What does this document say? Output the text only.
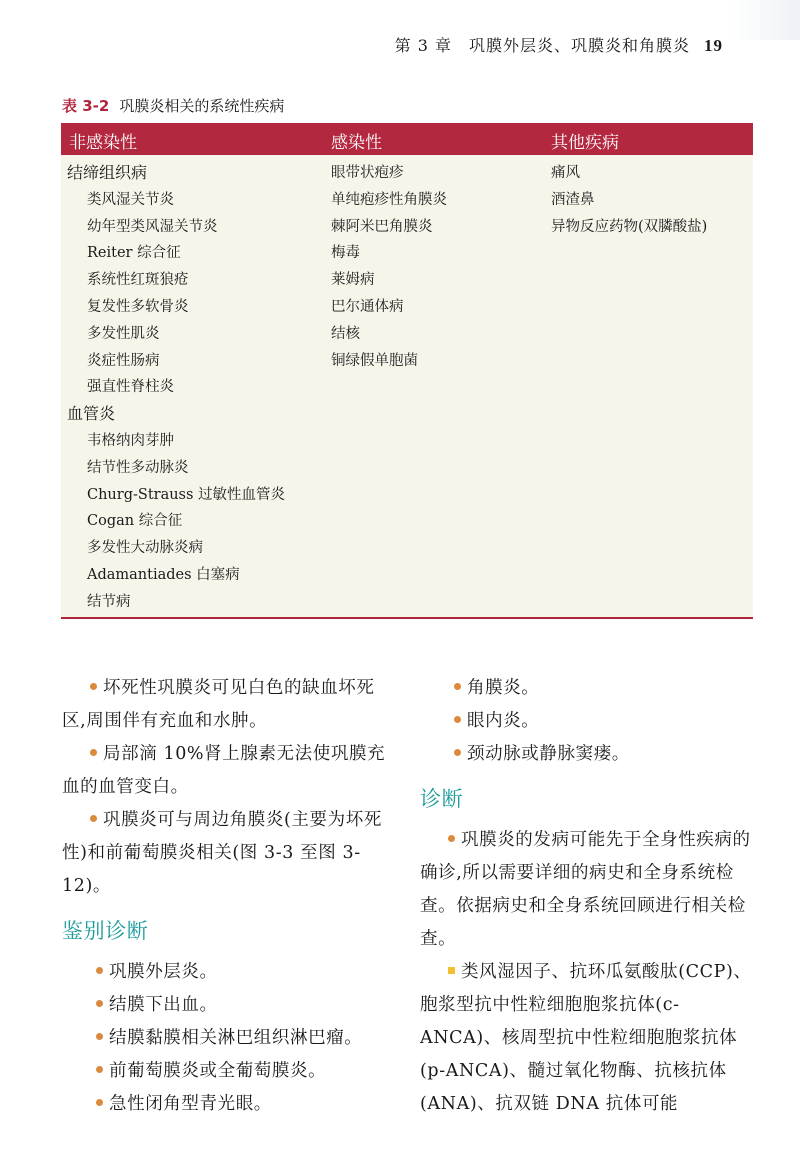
第 3 章　巩膜外层炎、巩膜炎和角膜炎 19
表 3-2 巩膜炎相关的系统性疾病
非感染性	感染性	其他疾病
结缔组织病
类风湿关节炎
幼年型类风湿关节炎
Reiter 综合征
系统性红斑狼疮
复发性多软骨炎
多发性肌炎
炎症性肠病
强直性脊柱炎
血管炎
韦格纳肉芽肿
结节性多动脉炎
Churg-Strauss 过敏性血管炎
Cogan 综合征
多发性大动脉炎病
Adamantiades 白塞病
结节病
眼带状疱疹
单纯疱疹性角膜炎
棘阿米巴角膜炎
梅毒
莱姆病
巴尔通体病
结核
铜绿假单胞菌
痛风
酒渣鼻
异物反应药物(双膦酸盐)
坏死性巩膜炎可见白色的缺血坏死区,周围伴有充血和水肿。
局部滴 10%肾上腺素无法使巩膜充血的血管变白。
巩膜炎可与周边角膜炎(主要为坏死性)和前葡萄膜炎相关(图 3-3 至图 3-12)。
鉴别诊断
巩膜外层炎。
结膜下出血。
结膜黏膜相关淋巴组织淋巴瘤。
前葡萄膜炎或全葡萄膜炎。
急性闭角型青光眼。
角膜炎。
眼内炎。
颈动脉或静脉窦瘘。
诊断
巩膜炎的发病可能先于全身性疾病的确诊,所以需要详细的病史和全身系统检查。依据病史和全身系统回顾进行相关检查。
类风湿因子、抗环瓜氨酸肽(CCP)、胞浆型抗中性粒细胞胞浆抗体(c-ANCA)、核周型抗中性粒细胞胞浆抗体(p-ANCA)、髓过氧化物酶、抗核抗体(ANA)、抗双链 DNA 抗体可能
